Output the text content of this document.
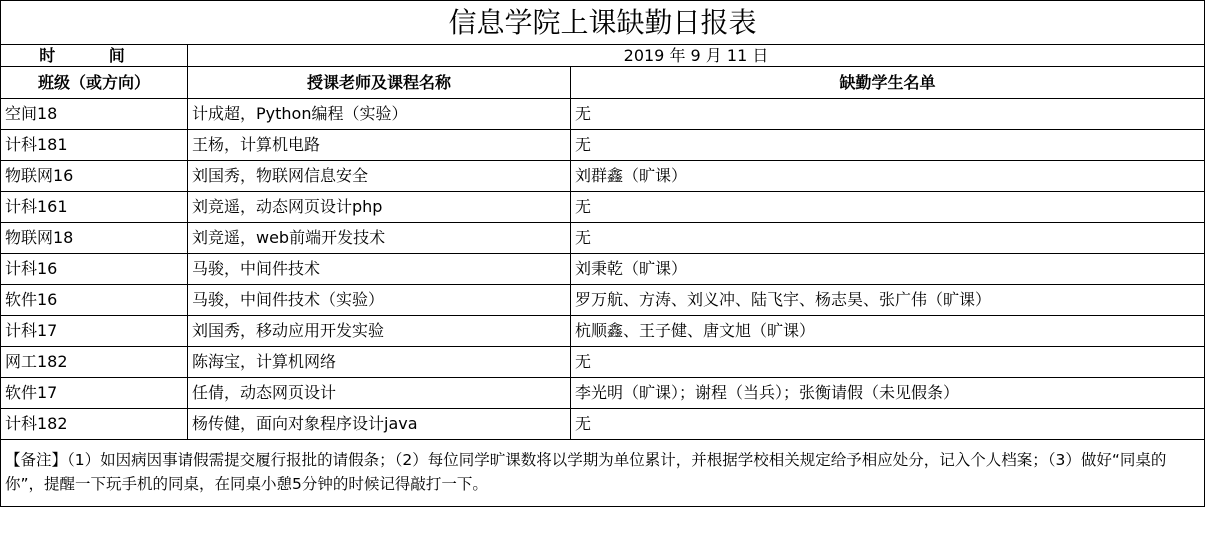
信息学院上课缺勤日报表		
时 间	2019 年 9 月 11 日	
班级（或方向）	授课老师及课程名称	缺勤学生名单
空间18	计成超，Python编程（实验）	无
计科181	王杨，计算机电路	无
物联网16	刘国秀，物联网信息安全	刘群鑫（旷课）
计科161	刘竞遥，动态网页设计php	无
物联网18	刘竞遥，web前端开发技术	无
计科16	马骏，中间件技术	刘秉乾（旷课）
软件16	马骏，中间件技术（实验）	罗万航、方涛、刘义冲、陆飞宇、杨志昊、张广伟（旷课）
计科17	刘国秀，移动应用开发实验	杭顺鑫、王子健、唐文旭（旷课）
网工182	陈海宝，计算机网络	无
软件17	任倩，动态网页设计	李光明（旷课）；谢程（当兵）；张衡请假（未见假条）
计科182	杨传健，面向对象程序设计java	无
【备注】（1）如因病因事请假需提交履行报批的请假条；（2）每位同学旷课数将以学期为单位累计，并根据学校相关规定给予相应处分，记入个人档案；（3）做好“同桌的你”，提醒一下玩手机的同桌，在同桌小憩5分钟的时候记得敲打一下。		
